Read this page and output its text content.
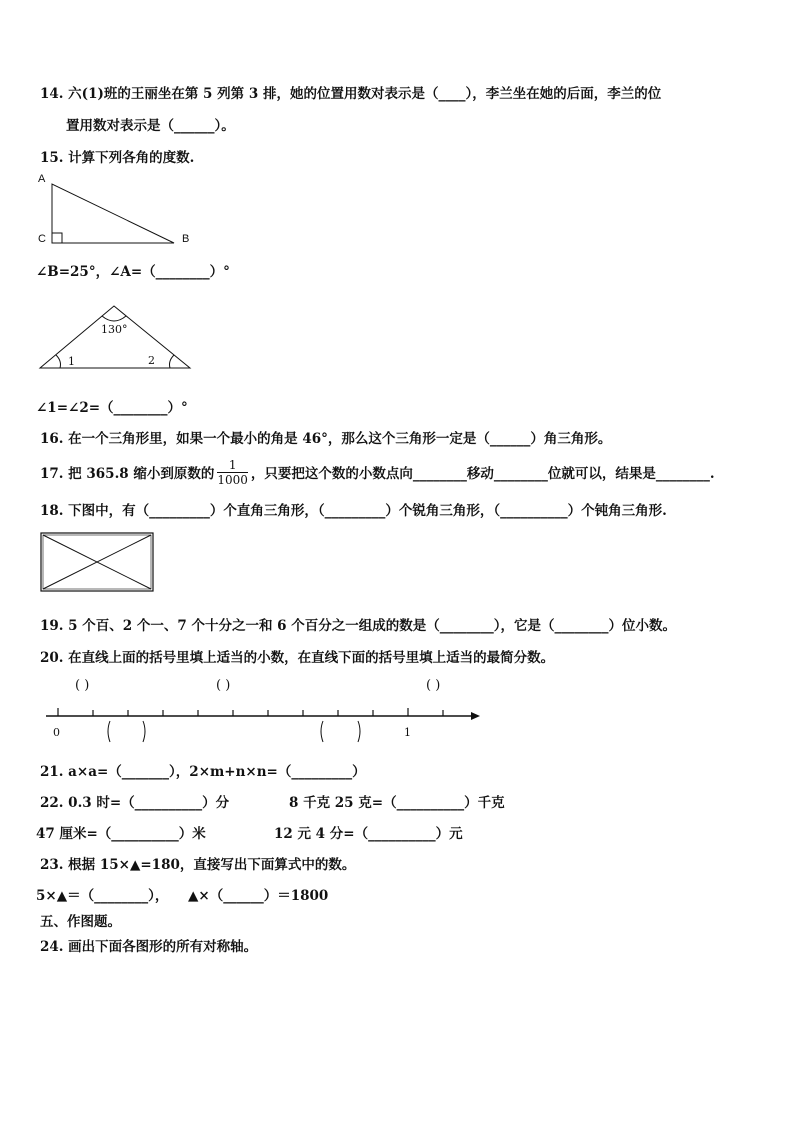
14. 六(1)班的王丽坐在第 5 列第 3 排，她的位置用数对表示是（____），李兰坐在她的后面，李兰的位
置用数对表示是（______）。
15. 计算下列各角的度数.
A
C	B
∠B=25°，∠A=（________）°
130°
1	2
∠1=∠2=（________）°
16. 在一个三角形里，如果一个最小的角是 46°，那么这个三角形一定是（______）角三角形。
17. 把 365.8 缩小到原数的 $\frac{1}{1000}$ ，只要把这个数的小数点向________移动________位就可以，结果是________.
18. 下图中，有（_________）个直角三角形，（_________）个锐角三角形，（__________）个钝角三角形.
19. 5 个百、2 个一、7 个十分之一和 6 个百分之一组成的数是（________），它是（________）位小数。
20. 在直线上面的括号里填上适当的小数，在直线下面的括号里填上适当的最简分数。
( )	( )	( )
0	1
21. a×a=（_______），2×m+n×n=（_________）
22. 0.3 时=（__________）分	8 千克 25 克=（__________）千克
47 厘米=（__________）米	12 元 4 分=（__________）元
23. 根据 15×▲=180，直接写出下面算式中的数。
5×▲＝（________）， ▲×（______）＝1800
五、作图题。
24. 画出下面各图形的所有对称轴。
